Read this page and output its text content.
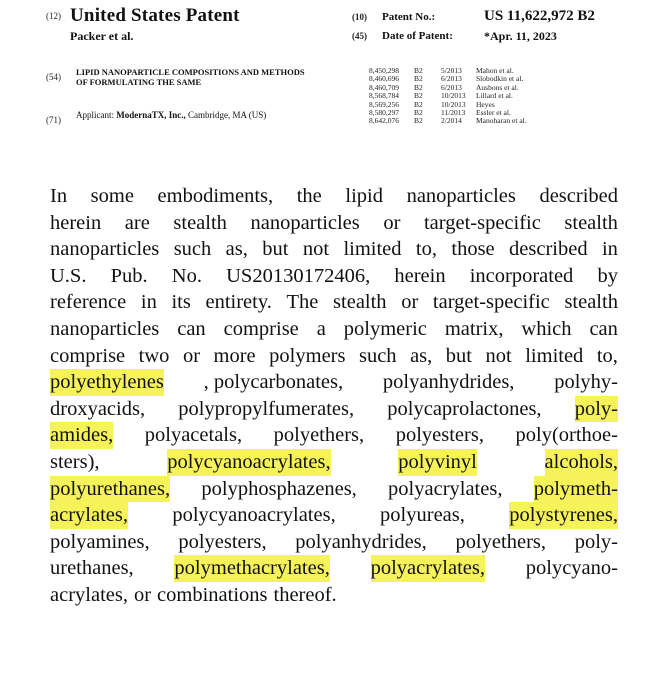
(12) United States Patent
Packer et al.
(10) Patent No.:	US 11,622,972 B2
(45) Date of Patent:	*Apr. 11, 2023
(54) LIPID NANOPARTICLE COMPOSITIONS AND METHODS OF FORMULATING THE SAME
(71) Applicant: ModernaTX, Inc., Cambridge, MA (US)
8,450,298 B2 5/2013 Mahon et al.
8,460,696 B2 6/2013 Slobodkin et al.
8,460,709 B2 6/2013 Ausbons et al.
8,568,784 B2 10/2013 Lillard et al.
8,569,256 B2 10/2013 Heyes
8,580,297 B2 11/2013 Essler et al.
8,642,076 B2 2/2014 Manoharan et al.
In some embodiments, the lipid nanoparticles described
herein are stealth nanoparticles or target-specific stealth
nanoparticles such as, but not limited to, those described in
U.S. Pub. No. US20130172406, herein incorporated by
reference in its entirety. The stealth or target-specific stealth
nanoparticles can comprise a polymeric matrix, which can
comprise two or more polymers such as, but not limited to,
polyethylenes , polycarbonates, polyanhydrides, polyhy-
droxyacids, polypropylfumerates, polycaprolactones, poly-
amides, polyacetals, polyethers, polyesters, poly(orthoe-
sters),	polycyanoacrylates,	polyvinyl	alcohols,
polyurethanes, polyphosphazenes, polyacrylates, polymeth-
acrylates, polycyanoacrylates, polyureas, polystyrenes,
polyamines, polyesters, polyanhydrides, polyethers, poly-
urethanes, polymethacrylates, polyacrylates, polycyano-
acrylates, or combinations thereof.
